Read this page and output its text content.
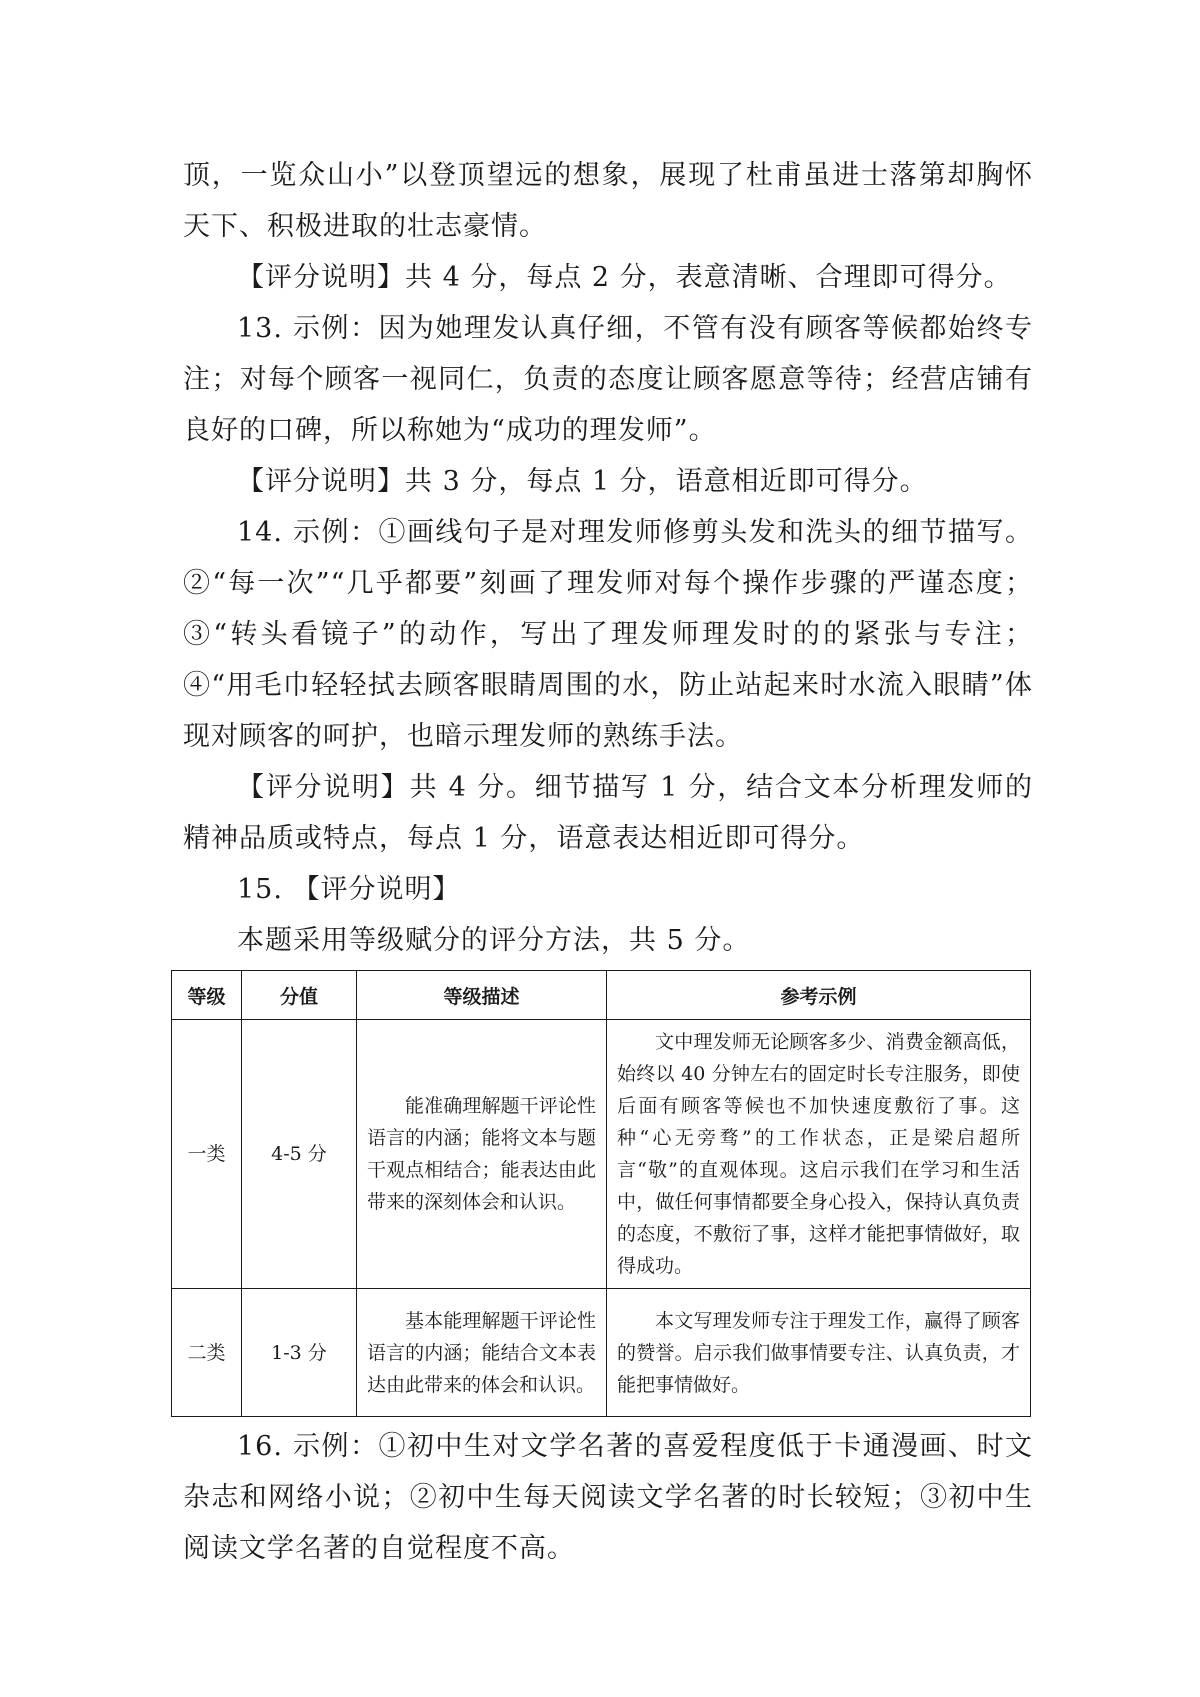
顶，一览众山小”以登顶望远的想象，展现了杜甫虽进士落第却胸怀天下、积极进取的壮志豪情。

【评分说明】共 4 分，每点 2 分，表意清晰、合理即可得分。

13. 示例：因为她理发认真仔细，不管有没有顾客等候都始终专注；对每个顾客一视同仁，负责的态度让顾客愿意等待；经营店铺有良好的口碑，所以称她为“成功的理发师”。

【评分说明】共 3 分，每点 1 分，语意相近即可得分。

14. 示例：①画线句子是对理发师修剪头发和洗头的细节描写。②“每一次”“几乎都要”刻画了理发师对每个操作步骤的严谨态度；③“转头看镜子”的动作，写出了理发师理发时的的紧张与专注；④“用毛巾轻轻拭去顾客眼睛周围的水，防止站起来时水流入眼睛”体现对顾客的呵护，也暗示理发师的熟练手法。

【评分说明】共 4 分。细节描写 1 分，结合文本分析理发师的精神品质或特点，每点 1 分，语意表达相近即可得分。

15. 【评分说明】

本题采用等级赋分的评分方法，共 5 分。

等级	分值	等级描述	参考示例
一类	4-5 分	能准确理解题干评论性语言的内涵；能将文本与题干观点相结合；能表达由此带来的深刻体会和认识。	文中理发师无论顾客多少、消费金额高低，始终以 40 分钟左右的固定时长专注服务，即使后面有顾客等候也不加快速度敷衍了事。这种“心无旁骛”的工作状态，正是梁启超所言“敬”的直观体现。这启示我们在学习和生活中，做任何事情都要全身心投入，保持认真负责的态度，不敷衍了事，这样才能把事情做好，取得成功。
二类	1-3 分	基本能理解题干评论性语言的内涵；能结合文本表达由此带来的体会和认识。	本文写理发师专注于理发工作，赢得了顾客的赞誉。启示我们做事情要专注、认真负责，才能把事情做好。

16. 示例：①初中生对文学名著的喜爱程度低于卡通漫画、时文杂志和网络小说；②初中生每天阅读文学名著的时长较短；③初中生阅读文学名著的自觉程度不高。
